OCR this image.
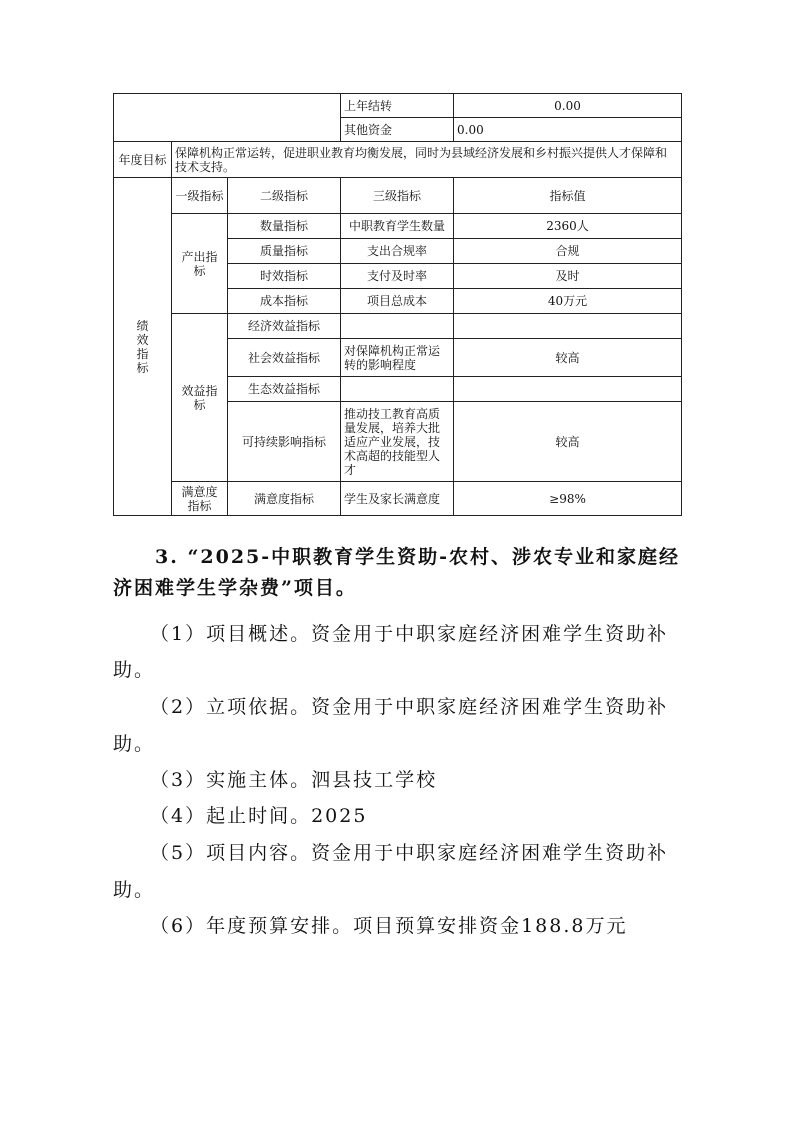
			上年结转	0.00
			其他资金	0.00
年度目标	保障机构正常运转，促进职业教育均衡发展，同时为县域经济发展和乡村振兴提供人才保障和技术支持。			
绩效指标	一级指标	二级指标	三级指标	指标值
	产出指标	数量指标	中职教育学生数量	2360人
		质量指标	支出合规率	合规
		时效指标	支付及时率	及时
		成本指标	项目总成本	40万元
	效益指标	经济效益指标		
		社会效益指标	对保障机构正常运转的影响程度	较高
		生态效益指标		
		可持续影响指标	推动技工教育高质量发展，培养大批适应产业发展，技术高超的技能型人才	较高
	满意度指标	满意度指标	学生及家长满意度	≥98%
3. “2025-中职教育学生资助-农村、涉农专业和家庭经
济困难学生学杂费”项目。
（1）项目概述。资金用于中职家庭经济困难学生资助补
助。
（2）立项依据。资金用于中职家庭经济困难学生资助补
助。
（3）实施主体。泗县技工学校
（4）起止时间。2025
（5）项目内容。资金用于中职家庭经济困难学生资助补
助。
（6）年度预算安排。项目预算安排资金188.8万元
